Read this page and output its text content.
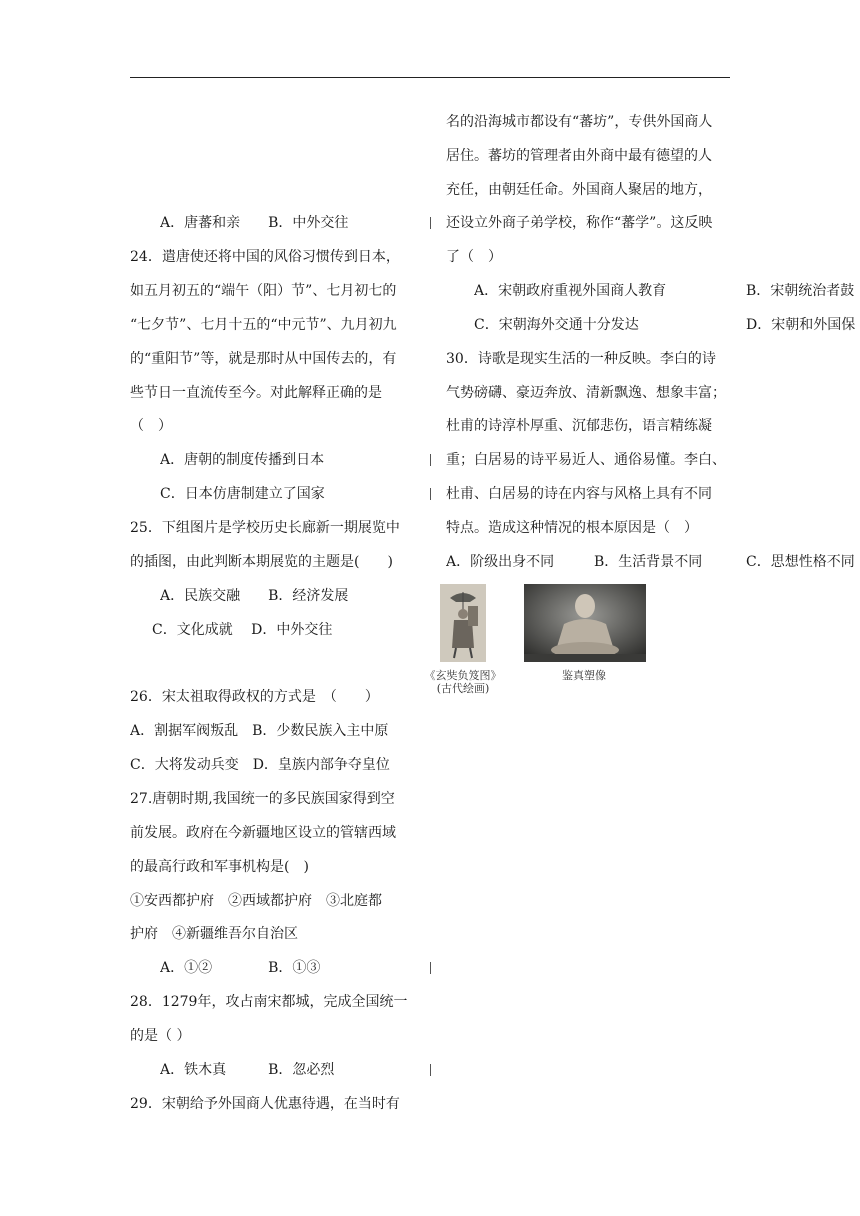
A．唐蕃和亲　　B．中外交往
24．遣唐使还将中国的风俗习惯传到日本，
如五月初五的“端午（阳）节”、七月初七的
“七夕节”、七月十五的“中元节”、九月初九
的“重阳节”等，就是那时从中国传去的，有
些节日一直流传至今。对此解释正确的是
（　）
A．唐朝的制度传播到日本
C．日本仿唐制建立了国家
25．下组图片是学校历史长廊新一期展览中
的插图，由此判断本期展览的主题是(　　)
A．民族交融　　B．经济发展
C．文化成就　 D．中外交往
26．宋太祖取得政权的方式是　（　　）
A．割据军阀叛乱　B．少数民族入主中原
C．大将发动兵变　D．皇族内部争夺皇位
27.唐朝时期,我国统一的多民族国家得到空
前发展。政府在今新疆地区设立的管辖西域
的最高行政和军事机构是(　)
①安西都护府　②西域都护府　③北庭都
护府　④新疆维吾尔自治区
A．①②　　　　B．①③
28．1279年，攻占南宋都城，完成全国统一
的是（ ）
A．铁木真　　　B．忽必烈
29．宋朝给予外国商人优惠待遇，在当时有
名的沿海城市都设有“蕃坊”，专供外国商人
居住。蕃坊的管理者由外商中最有德望的人
充任，由朝廷任命。外国商人聚居的地方，
还设立外商子弟学校，称作“蕃学”。这反映
了（　）
A．宋朝政府重视外国商人教育	B．宋朝统治者鼓
C．宋朝海外交通十分发达	D．宋朝和外国保
30．诗歌是现实生活的一种反映。李白的诗
气势磅礴、豪迈奔放、清新飘逸、想象丰富；
杜甫的诗淳朴厚重、沉郁悲伤，语言精练凝
重；白居易的诗平易近人、通俗易懂。李白、
杜甫、白居易的诗在内容与风格上具有不同
特点。造成这种情况的根本原因是（　）
A．阶级出身不同	B．生活背景不同	C．思想性格不同
《玄奘负笈图》
(古代绘画)
鉴真塑像
